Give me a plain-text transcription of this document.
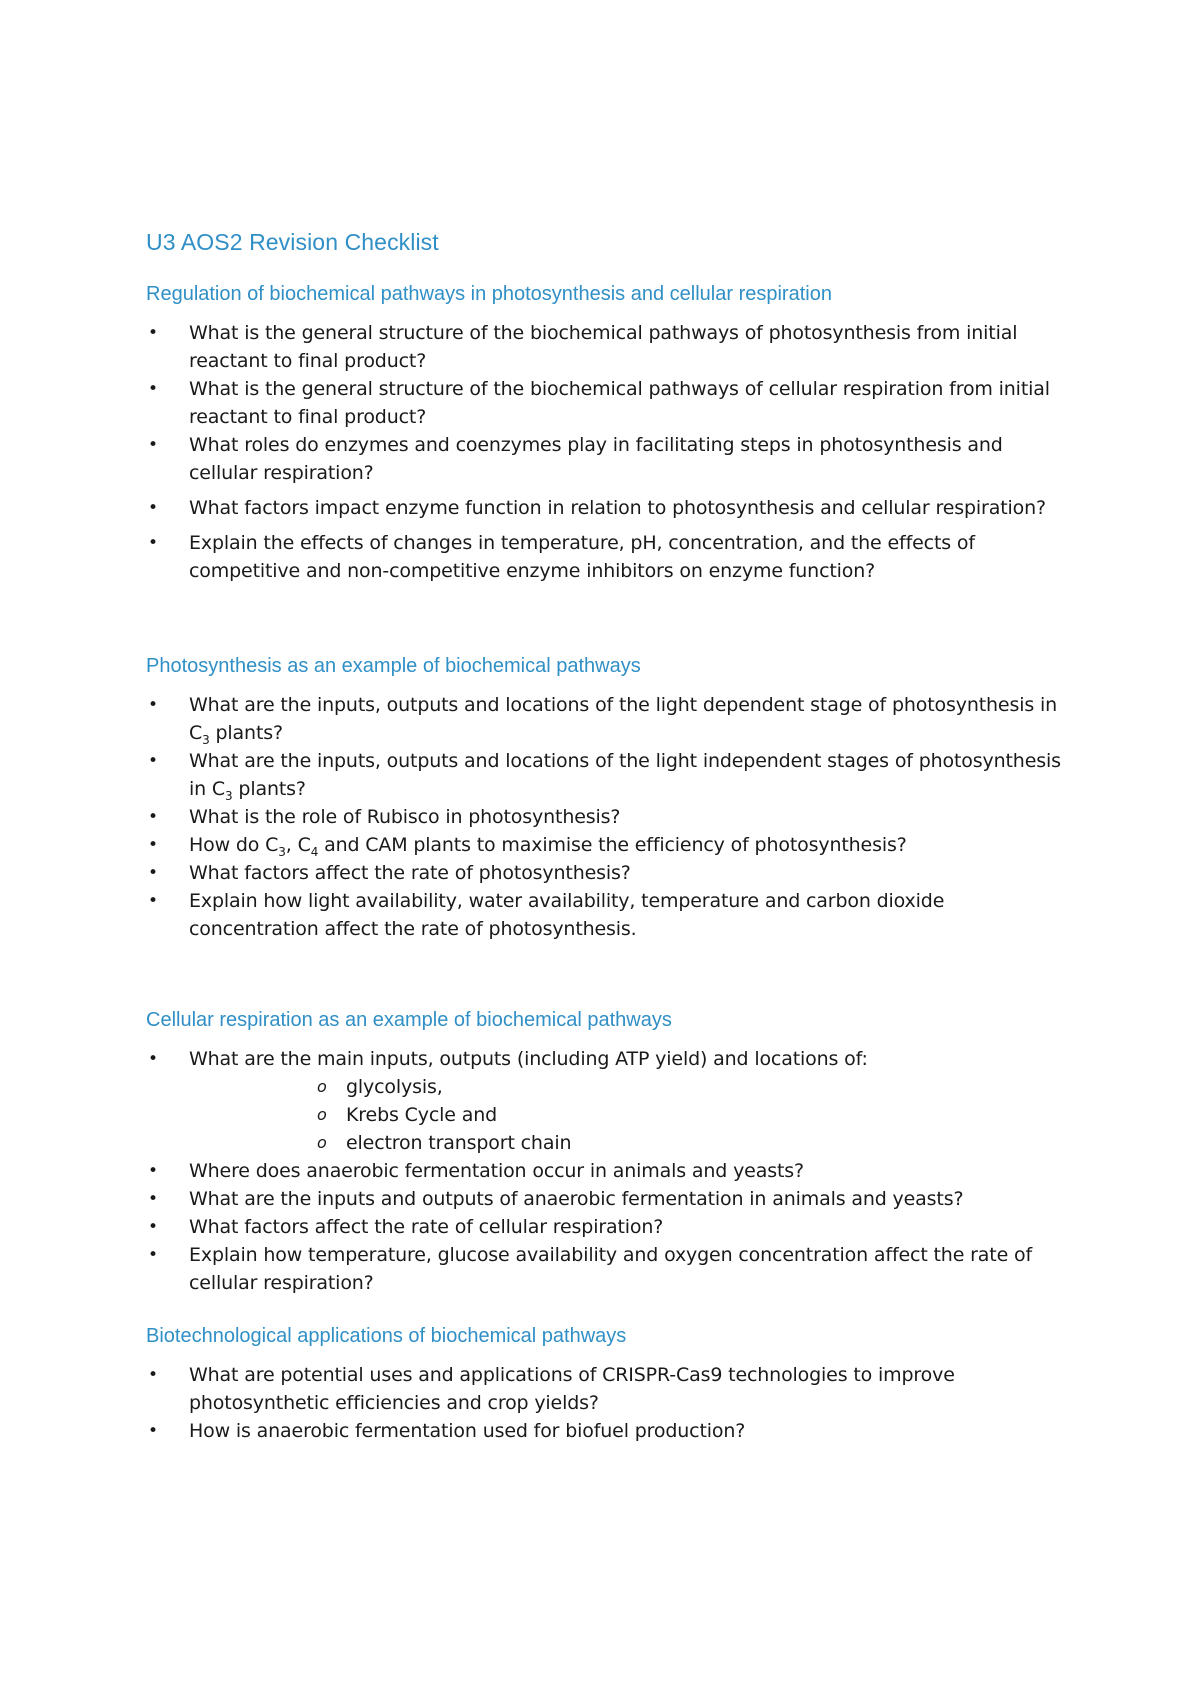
U3 AOS2 Revision Checklist
Regulation of biochemical pathways in photosynthesis and cellular respiration
• What is the general structure of the biochemical pathways of photosynthesis from initial reactant to final product?
• What is the general structure of the biochemical pathways of cellular respiration from initial reactant to final product?
• What roles do enzymes and coenzymes play in facilitating steps in photosynthesis and cellular respiration?
• What factors impact enzyme function in relation to photosynthesis and cellular respiration?
• Explain the effects of changes in temperature, pH, concentration, and the effects of competitive and non-competitive enzyme inhibitors on enzyme function?
Photosynthesis as an example of biochemical pathways
• What are the inputs, outputs and locations of the light dependent stage of photosynthesis in $C_3$ plants?
• What are the inputs, outputs and locations of the light independent stages of photosynthesis in $C_3$ plants?
• What is the role of Rubisco in photosynthesis?
• How do $C_3$, $C_4$ and CAM plants to maximise the efficiency of photosynthesis?
• What factors affect the rate of photosynthesis?
• Explain how light availability, water availability, temperature and carbon dioxide concentration affect the rate of photosynthesis.
Cellular respiration as an example of biochemical pathways
• What are the main inputs, outputs (including ATP yield) and locations of:
o glycolysis,
o Krebs Cycle and
o electron transport chain
• Where does anaerobic fermentation occur in animals and yeasts?
• What are the inputs and outputs of anaerobic fermentation in animals and yeasts?
• What factors affect the rate of cellular respiration?
• Explain how temperature, glucose availability and oxygen concentration affect the rate of cellular respiration?
Biotechnological applications of biochemical pathways
• What are potential uses and applications of CRISPR-Cas9 technologies to improve photosynthetic efficiencies and crop yields?
• How is anaerobic fermentation used for biofuel production?
